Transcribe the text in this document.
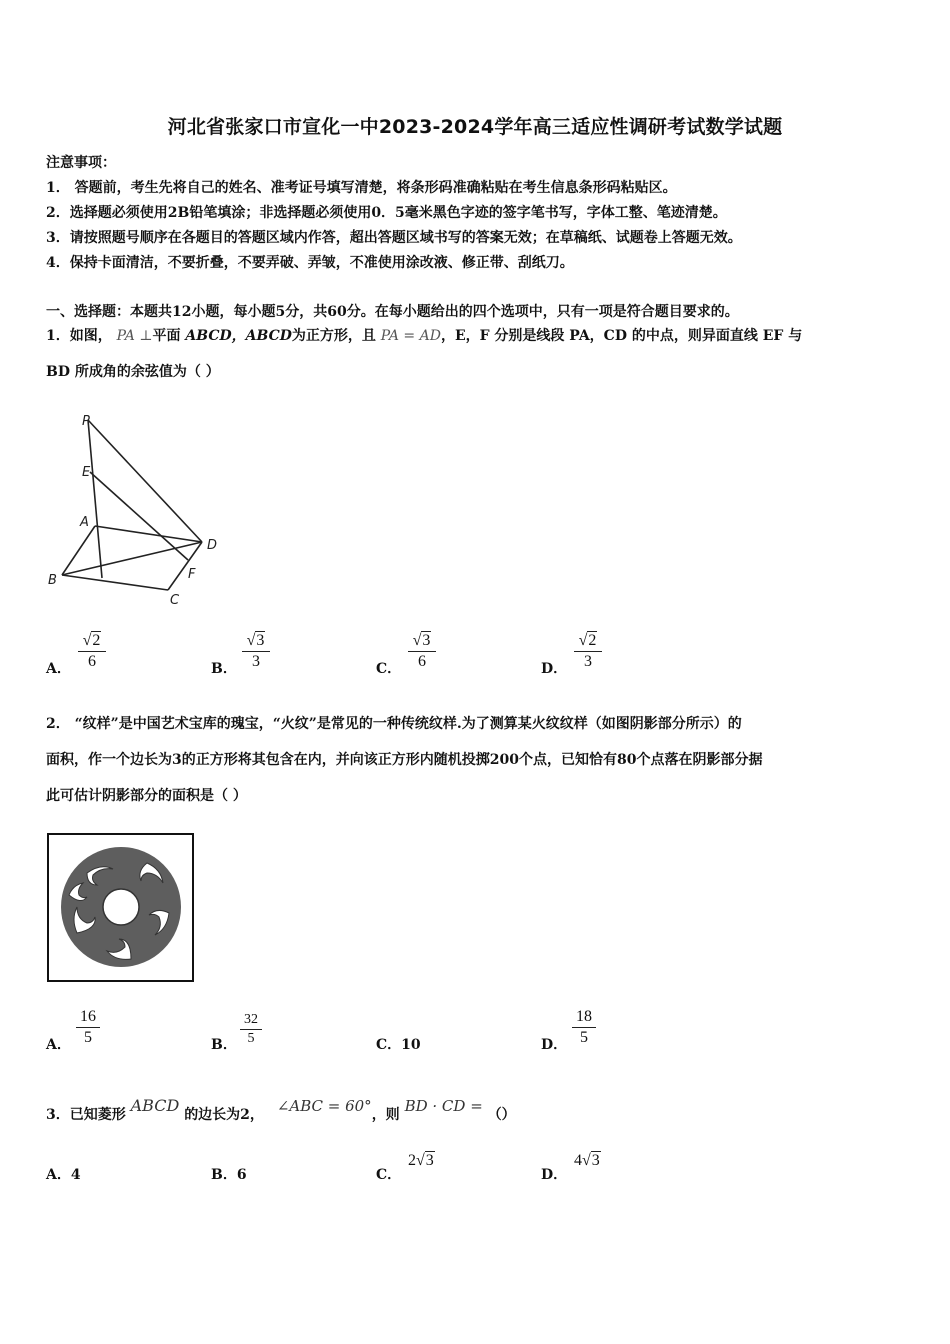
河北省张家口市宣化一中2023-2024学年高三适应性调研考试数学试题
注意事项：
1． 答题前，考生先将自己的姓名、准考证号填写清楚，将条形码准确粘贴在考生信息条形码粘贴区。
2．选择题必须使用2B铅笔填涂；非选择题必须使用0．5毫米黑色字迹的签字笔书写，字体工整、笔迹清楚。
3．请按照题号顺序在各题目的答题区域内作答，超出答题区域书写的答案无效；在草稿纸、试题卷上答题无效。
4．保持卡面清洁，不要折叠，不要弄破、弄皱，不准使用涂改液、修正带、刮纸刀。
一、选择题：本题共12小题，每小题5分，共60分。在每小题给出的四个选项中，只有一项是符合题目要求的。

1．如图， PA ⊥平面 ABCD，ABCD为正方形，且 PA = AD，E，F 分别是线段 PA，CD 的中点，则异面直线 EF 与

BD 所成角的余弦值为（ ）

P
E
A
D
B	F
C
A．
√2
6	B．
√3
3	C．
√3
6	D．
√2
3

2． “纹样”是中国艺术宝库的瑰宝，“火纹”是常见的一种传统纹样.为了测算某火纹纹样（如图阴影部分所示）的

面积，作一个边长为3的正方形将其包含在内，并向该正方形内随机投掷200个点，已知恰有80个点落在阴影部分据

此可估计阴影部分的面积是（ ）

A．
16
5	B．
32
5	C．10	D．
18
5
3．已知菱形 ABCD 的边长为2， ∠ABC = 60°，则 BD · CD = （）
A．4	B．6	C．
2√3
D．
4√3
